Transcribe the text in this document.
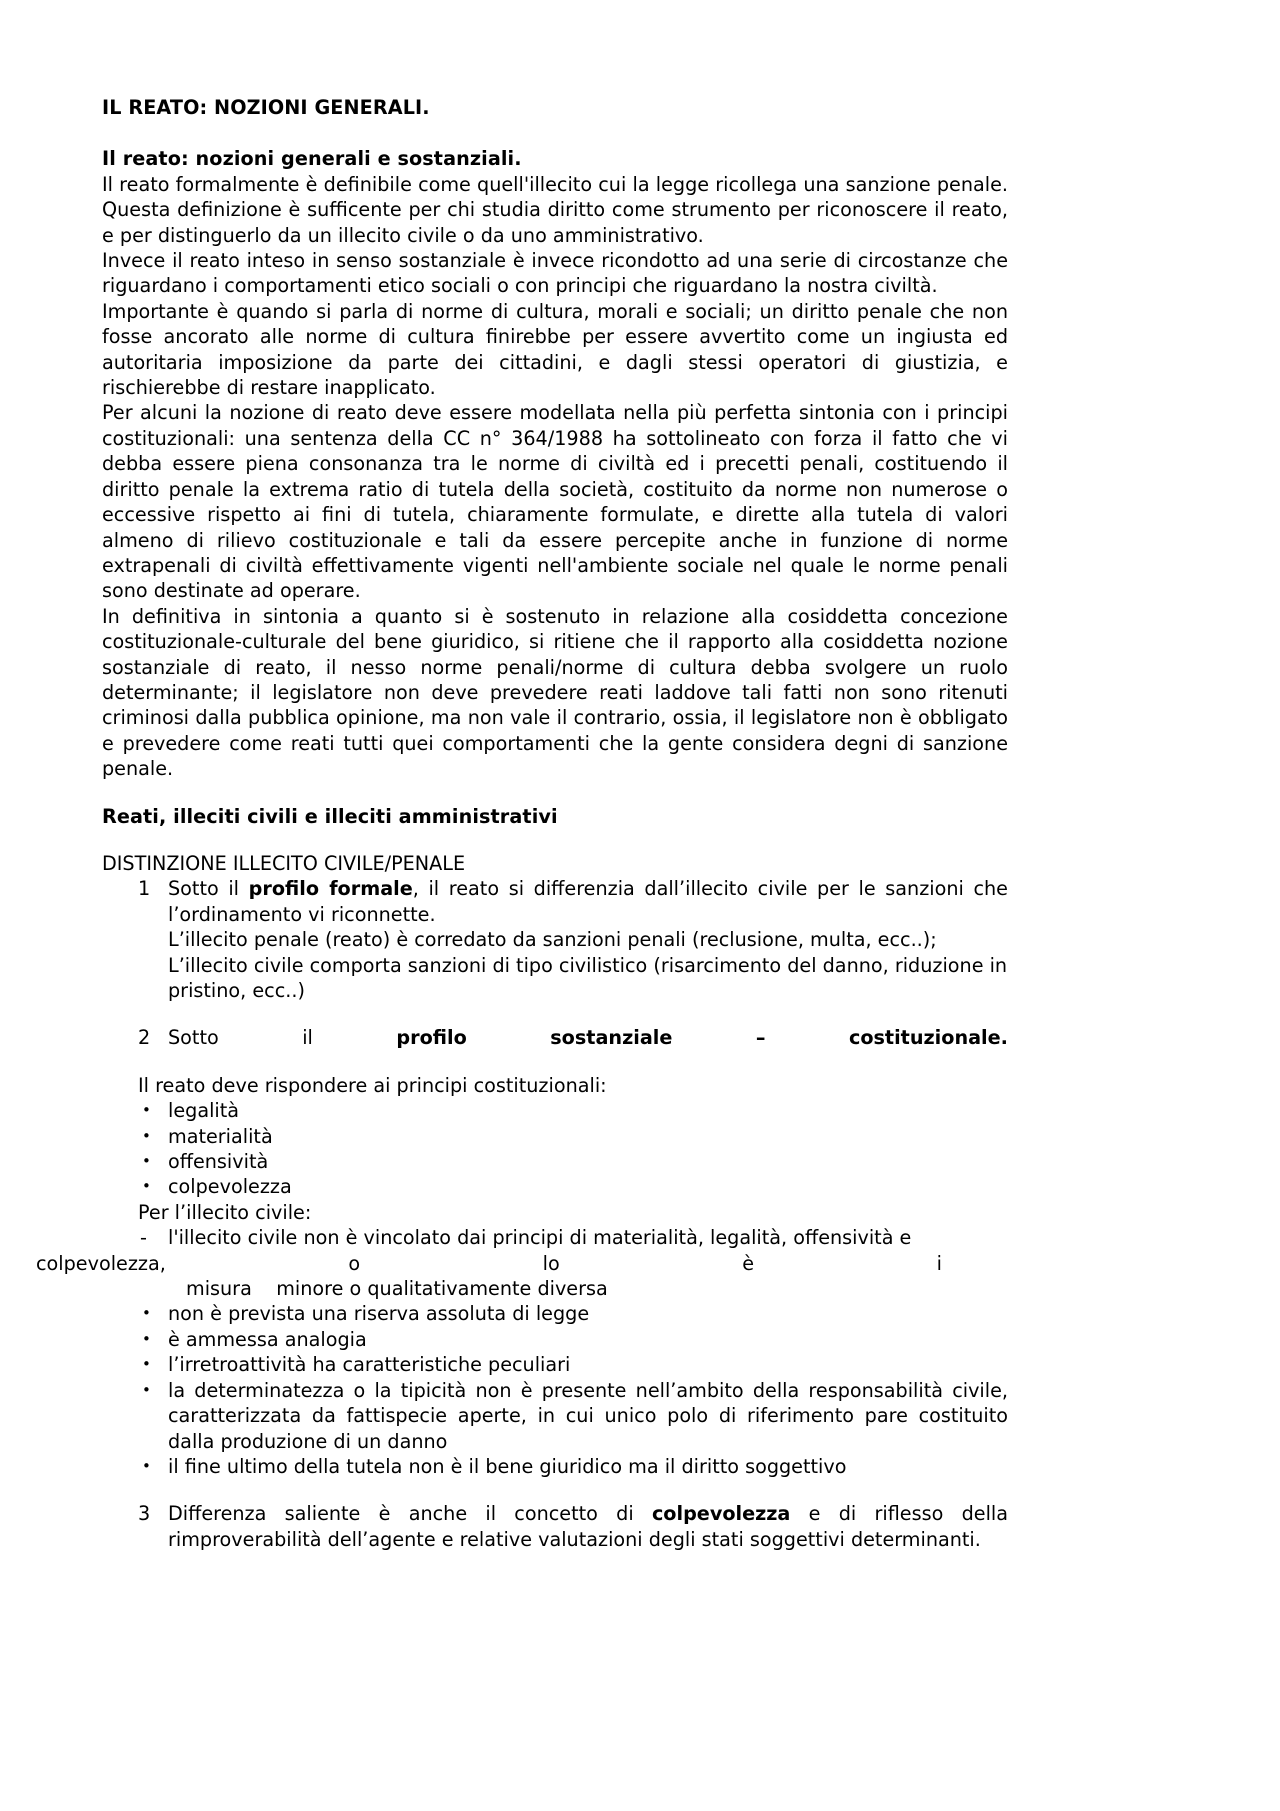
IL REATO: NOZIONI GENERALI.
Il reato: nozioni generali e sostanziali.

Il reato formalmente è definibile come quell'illecito cui la legge ricollega una sanzione penale. Questa definizione è sufficente per chi studia diritto come strumento per riconoscere il reato, e per distinguerlo da un illecito civile o da uno amministrativo.

Invece il reato inteso in senso sostanziale è invece ricondotto ad una serie di circostanze che riguardano i comportamenti etico sociali o con principi che riguardano la nostra civiltà.

Importante è quando si parla di norme di cultura, morali e sociali; un diritto penale che non fosse ancorato alle norme di cultura finirebbe per essere avvertito come un ingiusta ed autoritaria imposizione da parte dei cittadini, e dagli stessi operatori di giustizia, e rischierebbe di restare inapplicato.

Per alcuni la nozione di reato deve essere modellata nella più perfetta sintonia con i principi costituzionali: una sentenza della CC n° 364/1988 ha sottolineato con forza il fatto che vi debba essere piena consonanza tra le norme di civiltà ed i precetti penali, costituendo il diritto penale la extrema ratio di tutela della società, costituito da norme non numerose o eccessive rispetto ai fini di tutela, chiaramente formulate, e dirette alla tutela di valori almeno di rilievo costituzionale e tali da essere percepite anche in funzione di norme extrapenali di civiltà effettivamente vigenti nell'ambiente sociale nel quale le norme penali sono destinate ad operare.

In definitiva in sintonia a quanto si è sostenuto in relazione alla cosiddetta concezione costituzionale-culturale del bene giuridico, si ritiene che il rapporto alla cosiddetta nozione sostanziale di reato, il nesso norme penali/norme di cultura debba svolgere un ruolo determinante; il legislatore non deve prevedere reati laddove tali fatti non sono ritenuti criminosi dalla pubblica opinione, ma non vale il contrario, ossia, il legislatore non è obbligato e prevedere come reati tutti quei comportamenti che la gente considera degni di sanzione penale.

Reati, illeciti civili e illeciti amministrativi

DISTINZIONE ILLECITO CIVILE/PENALE

1 Sotto il profilo formale, il reato si differenzia dall’illecito civile per le sanzioni che l’ordinamento vi riconnette.
L’illecito penale (reato) è corredato da sanzioni penali (reclusione, multa, ecc..);
L’illecito civile comporta sanzioni di tipo civilistico (risarcimento del danno, riduzione in pristino, ecc..)
2 Sotto	il	profilo	sostanziale	–	costituzionale.

Il reato deve rispondere ai principi costituzionali:

• legalità
• materialità
• offensività
• colpevolezza

Per l’illecito civile:

- l'illecito civile non è vincolato dai principi di materialità, legalità, offensività e
colpevolezza,	o	lo	è	i
misura    minore o qualitativamente diversa
• non è prevista una riserva assoluta di legge
• è ammessa analogia
• l’irretroattività ha caratteristiche peculiari
• la determinatezza o la tipicità non è presente nell’ambito della responsabilità civile, caratterizzata da fattispecie aperte, in cui unico polo di riferimento pare costituito dalla produzione di un danno
• il fine ultimo della tutela non è il bene giuridico ma il diritto soggettivo
3 Differenza saliente è anche il concetto di colpevolezza e di riflesso della rimproverabilità dell’agente e relative valutazioni degli stati soggettivi determinanti.
